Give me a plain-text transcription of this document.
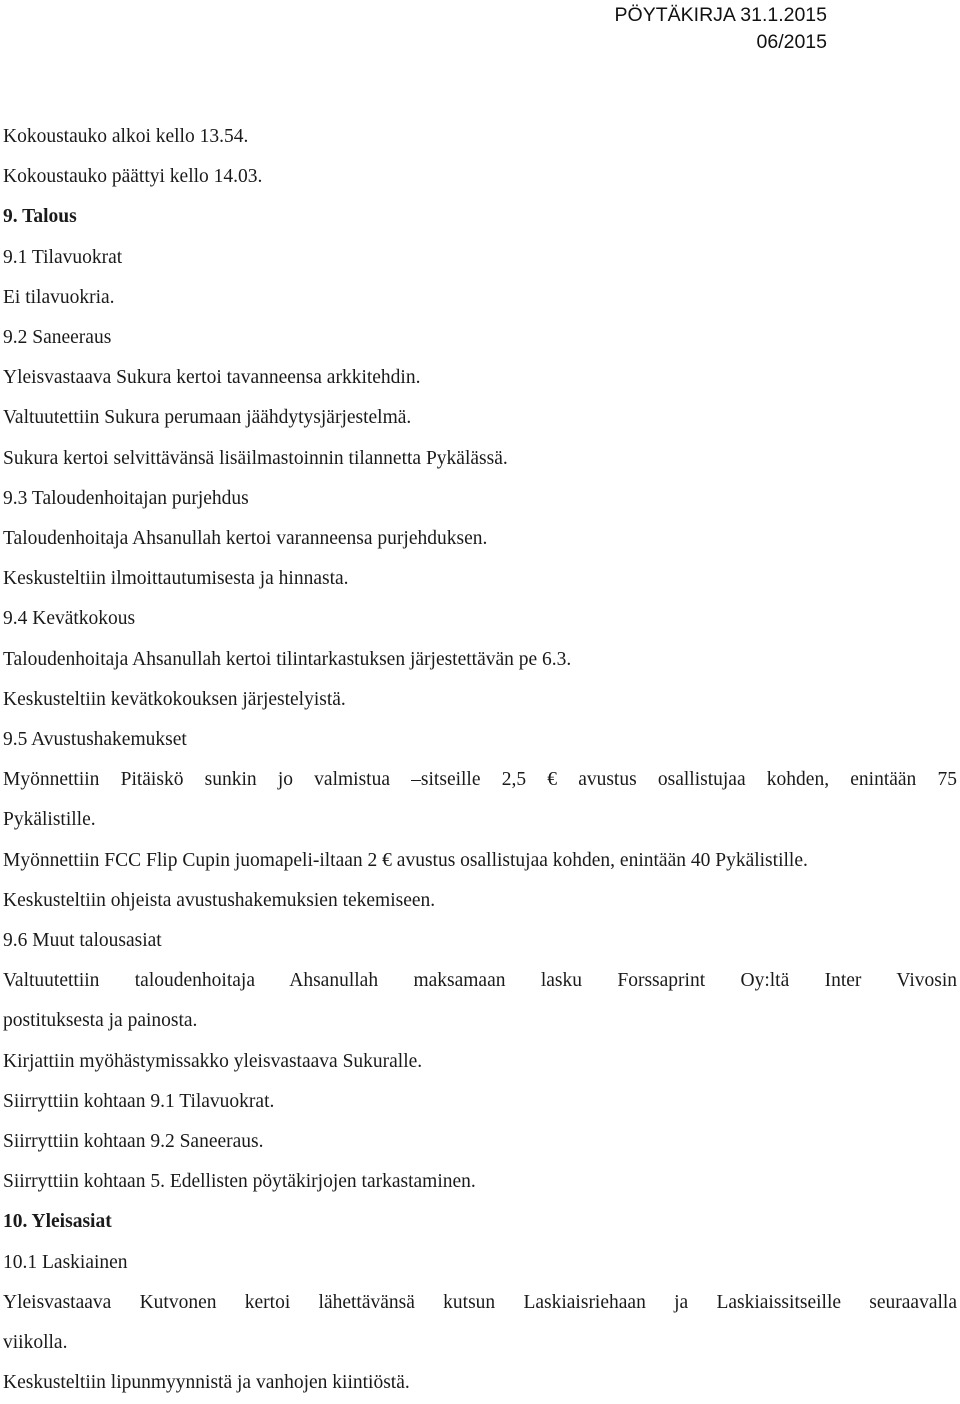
PÖYTÄKIRJA 31.1.2015
06/2015

Kokoustauko alkoi kello 13.54.

Kokoustauko päättyi kello 14.03.

9. Talous

9.1 Tilavuokrat

Ei tilavuokria.

9.2 Saneeraus

Yleisvastaava Sukura kertoi tavanneensa arkkitehdin.

Valtuutettiin Sukura perumaan jäähdytysjärjestelmä.

Sukura kertoi selvittävänsä lisäilmastoinnin tilannetta Pykälässä.

9.3 Taloudenhoitajan purjehdus

Taloudenhoitaja Ahsanullah kertoi varanneensa purjehduksen.

Keskusteltiin ilmoittautumisesta ja hinnasta.

9.4 Kevätkokous

Taloudenhoitaja Ahsanullah kertoi tilintarkastuksen järjestettävän pe 6.3.

Keskusteltiin kevätkokouksen järjestelyistä.

9.5 Avustushakemukset

Myönnettiin Pitäiskö sunkin jo valmistua –sitseille 2,5 € avustus osallistujaa kohden, enintään 75
Pykälistille.

Myönnettiin FCC Flip Cupin juomapeli-iltaan 2 € avustus osallistujaa kohden, enintään 40 Pykälistille.

Keskusteltiin ohjeista avustushakemuksien tekemiseen.

9.6 Muut talousasiat

Valtuutettiin taloudenhoitaja Ahsanullah maksamaan lasku Forssaprint Oy:ltä Inter Vivosin
postituksesta ja painosta.

Kirjattiin myöhästymissakko yleisvastaava Sukuralle.

Siirryttiin kohtaan 9.1 Tilavuokrat.

Siirryttiin kohtaan 9.2 Saneeraus.

Siirryttiin kohtaan 5. Edellisten pöytäkirjojen tarkastaminen.

10. Yleisasiat

10.1 Laskiainen

Yleisvastaava Kutvonen kertoi lähettävänsä kutsun Laskiaisriehaan ja Laskiaissitseille seuraavalla
viikolla.

Keskusteltiin lipunmyynnistä ja vanhojen kiintiöstä.
